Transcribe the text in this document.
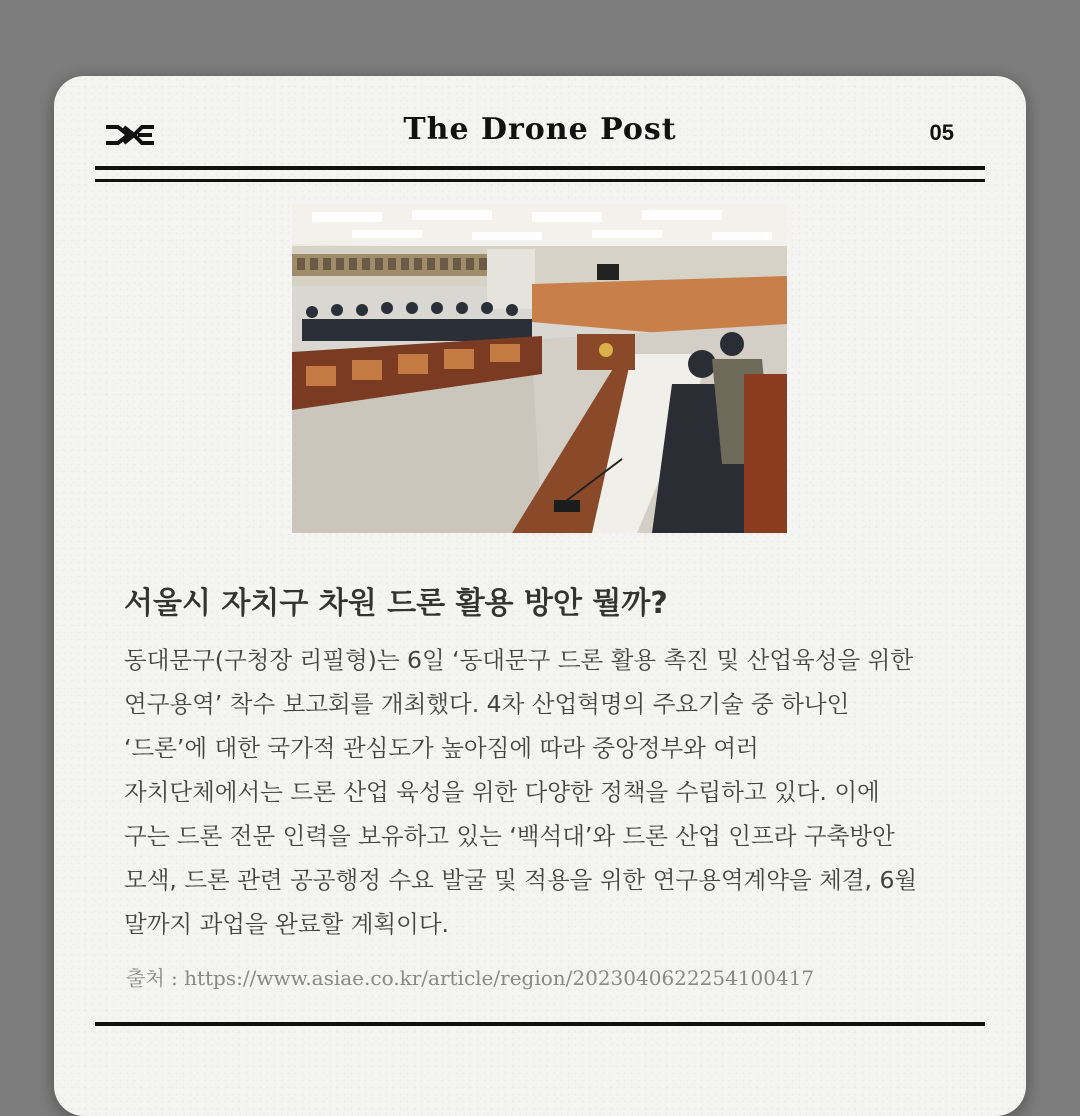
The Drone Post	05
서울시 자치구 차원 드론 활용 방안 뭘까?
동대문구(구청장 리필형)는 6일 ‘동대문구 드론 활용 촉진 및 산업육성을 위한
연구용역’ 착수 보고회를 개최했다. 4차 산업혁명의 주요기술 중 하나인
‘드론’에 대한 국가적 관심도가 높아짐에 따라 중앙정부와 여러
자치단체에서는 드론 산업 육성을 위한 다양한 정책을 수립하고 있다. 이에
구는 드론 전문 인력을 보유하고 있는 ‘백석대’와 드론 산업 인프라 구축방안
모색, 드론 관련 공공행정 수요 발굴 및 적용을 위한 연구용역계약을 체결, 6월
말까지 과업을 완료할 계획이다.
출처 : https://www.asiae.co.kr/article/region/2023040622254100417
